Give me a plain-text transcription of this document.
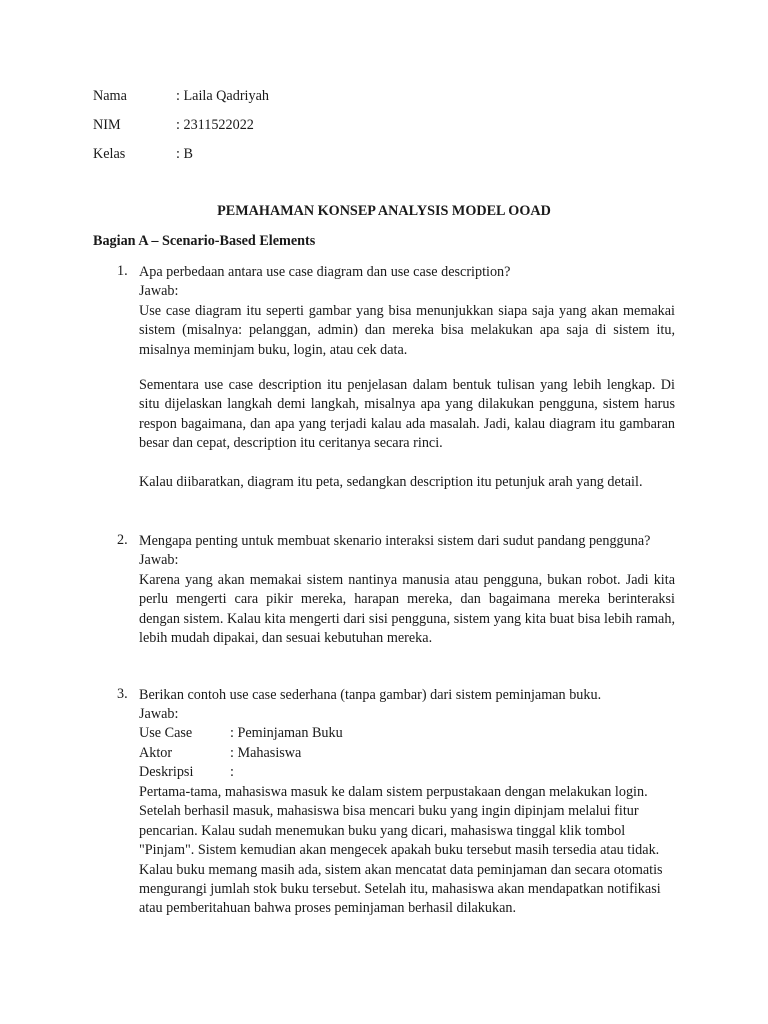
Nama	: Laila Qadriyah
NIM	: 2311522022
Kelas	: B
PEMAHAMAN KONSEP ANALYSIS MODEL OOAD
Bagian A – Scenario-Based Elements
1. Apa perbedaan antara use case diagram dan use case description?

Jawab:

Use case diagram itu seperti gambar yang bisa menunjukkan siapa saja yang akan memakai sistem (misalnya: pelanggan, admin) dan mereka bisa melakukan apa saja di sistem itu, misalnya meminjam buku, login, atau cek data.

Sementara use case description itu penjelasan dalam bentuk tulisan yang lebih lengkap. Di situ dijelaskan langkah demi langkah, misalnya apa yang dilakukan pengguna, sistem harus respon bagaimana, dan apa yang terjadi kalau ada masalah. Jadi, kalau diagram itu gambaran besar dan cepat, description itu ceritanya secara rinci.

Kalau diibaratkan, diagram itu peta, sedangkan description itu petunjuk arah yang detail.

2. Mengapa penting untuk membuat skenario interaksi sistem dari sudut pandang pengguna?

Jawab:

Karena yang akan memakai sistem nantinya manusia atau pengguna, bukan robot. Jadi kita perlu mengerti cara pikir mereka, harapan mereka, dan bagaimana mereka berinteraksi dengan sistem. Kalau kita mengerti dari sisi pengguna, sistem yang kita buat bisa lebih ramah, lebih mudah dipakai, dan sesuai kebutuhan mereka.

3. Berikan contoh use case sederhana (tanpa gambar) dari sistem peminjaman buku.

Jawab:

Use Case	: Peminjaman Buku
Aktor	: Mahasiswa
Deskripsi	:

Pertama-tama, mahasiswa masuk ke dalam sistem perpustakaan dengan melakukan login. Setelah berhasil masuk, mahasiswa bisa mencari buku yang ingin dipinjam melalui fitur pencarian. Kalau sudah menemukan buku yang dicari, mahasiswa tinggal klik tombol "Pinjam". Sistem kemudian akan mengecek apakah buku tersebut masih tersedia atau tidak. Kalau buku memang masih ada, sistem akan mencatat data peminjaman dan secara otomatis mengurangi jumlah stok buku tersebut. Setelah itu, mahasiswa akan mendapatkan notifikasi atau pemberitahuan bahwa proses peminjaman berhasil dilakukan.
